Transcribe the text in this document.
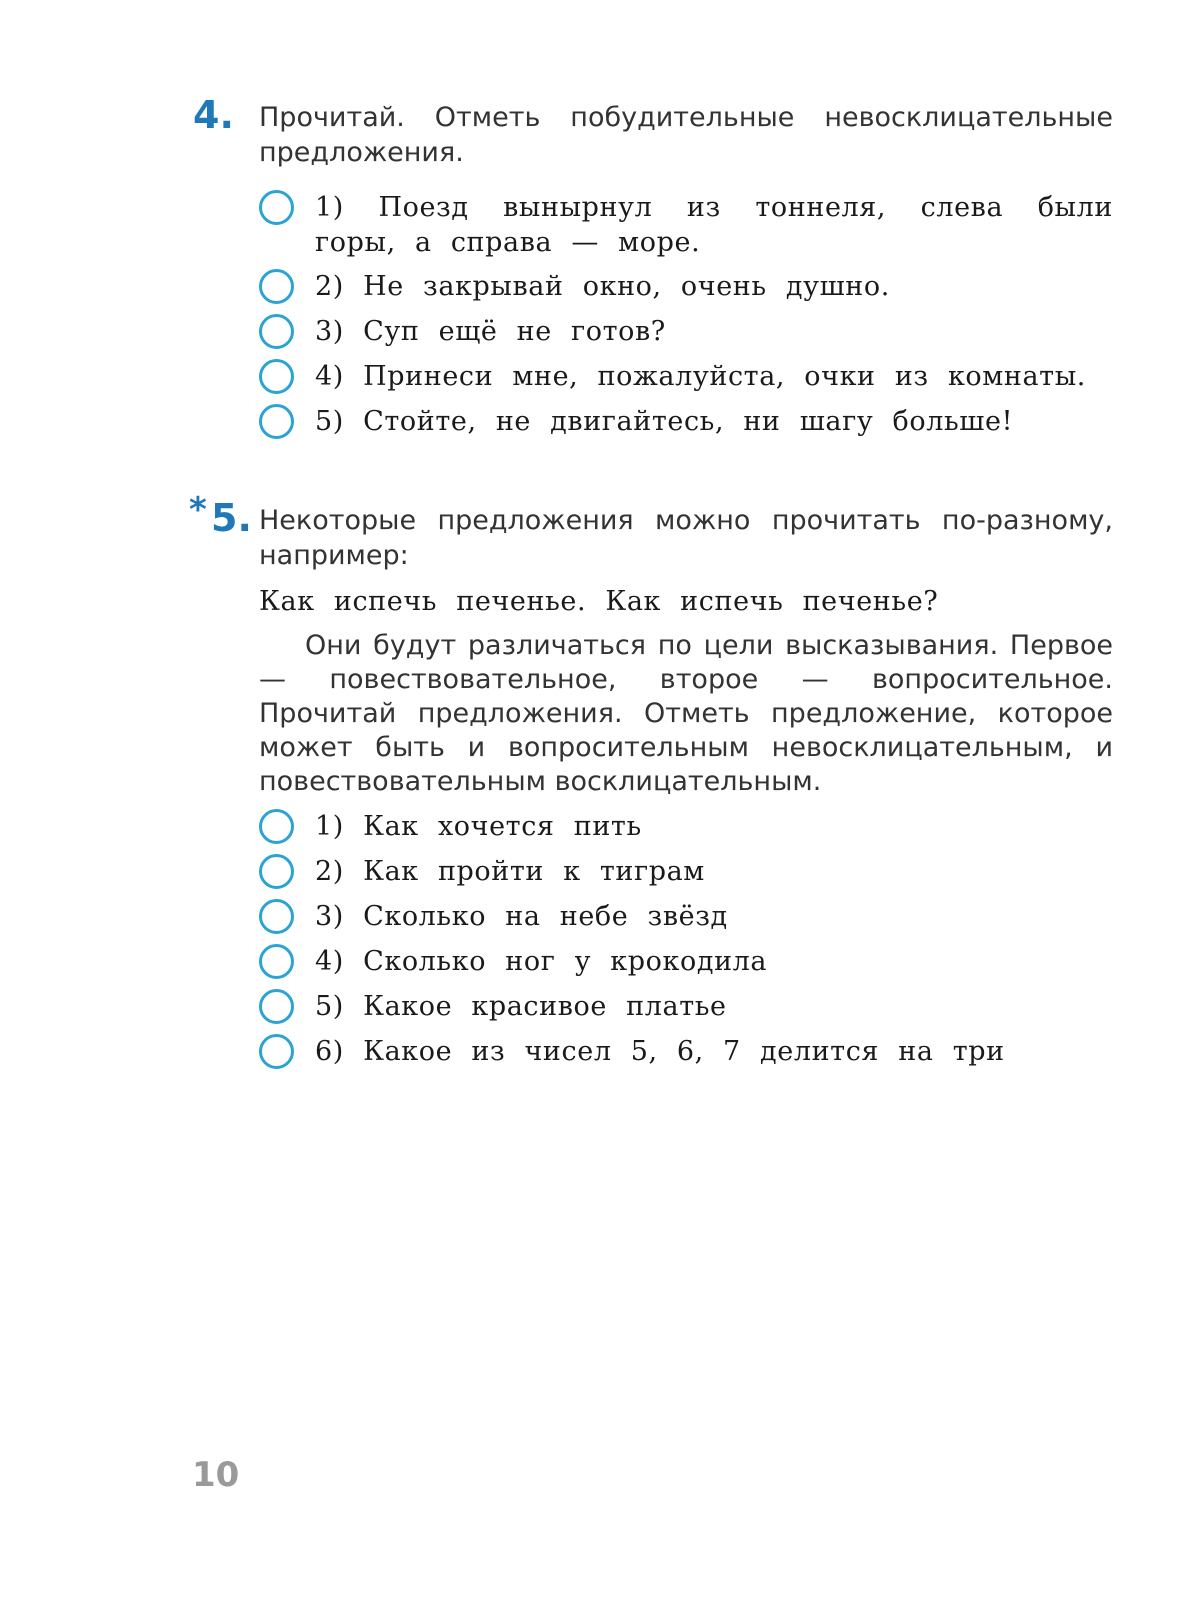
4. Прочитай. Отметь побудительные невосклицательные предложения.
1) Поезд вынырнул из тоннеля, слева были горы, а справа — море.
2) Не закрывай окно, очень душно.
3) Суп ещё не готов?
4) Принеси мне, пожалуйста, очки из комнаты.
5) Стойте, не двигайтесь, ни шагу больше!
* 5. Некоторые предложения можно прочитать по-разному, например:
Как испечь печенье. Как испечь печенье?
Они будут различаться по цели высказывания. Первое — повествовательное, второе — вопросительное. Прочитай предложения. Отметь предложение, которое может быть и вопросительным невосклицательным, и повествовательным восклицательным.
1) Как хочется пить
2) Как пройти к тиграм
3) Сколько на небе звёзд
4) Сколько ног у крокодила
5) Какое красивое платье
6) Какое из чисел 5, 6, 7 делится на три
10
